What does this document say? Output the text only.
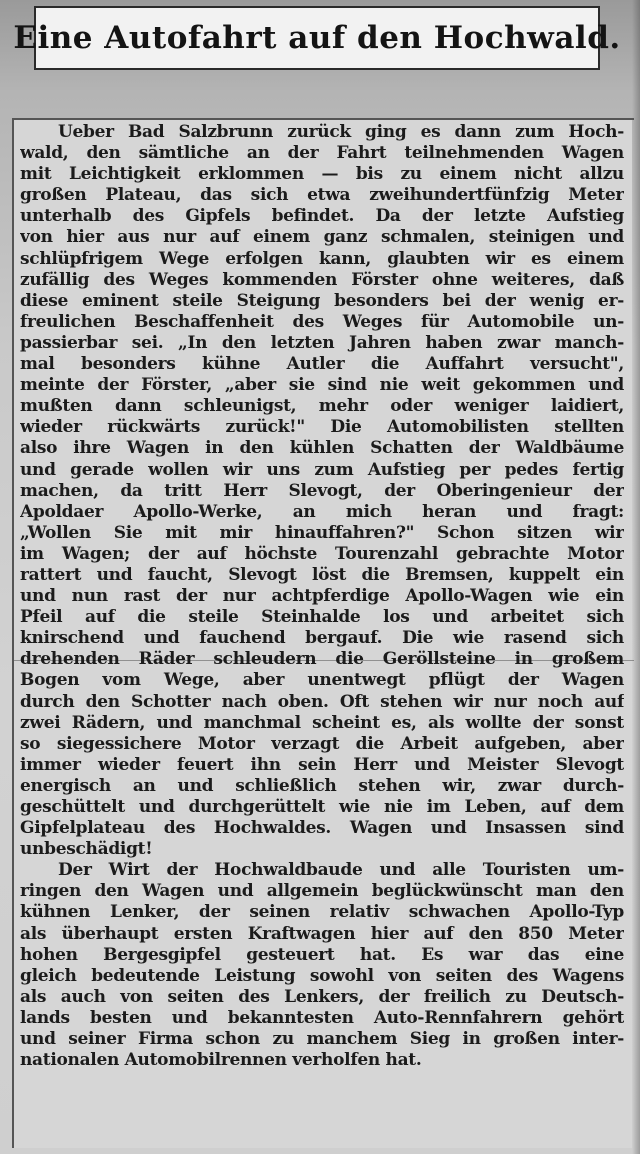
Eine Autofahrt auf den Hochwald.
Ueber Bad Salzbrunn zurück ging es dann zum Hoch-
wald, den sämtliche an der Fahrt teilnehmenden Wagen
mit Leichtigkeit erklommen — bis zu einem nicht allzu
großen Plateau, das sich etwa zweihundertfünfzig Meter
unterhalb des Gipfels befindet. Da der letzte Aufstieg
von hier aus nur auf einem ganz schmalen, steinigen und
schlüpfrigem Wege erfolgen kann, glaubten wir es einem
zufällig des Weges kommenden Förster ohne weiteres, daß
diese eminent steile Steigung besonders bei der wenig er-
freulichen Beschaffenheit des Weges für Automobile un-
passierbar sei. „In den letzten Jahren haben zwar manch-
mal besonders kühne Autler die Auffahrt versucht",
meinte der Förster, „aber sie sind nie weit gekommen und
mußten dann schleunigst, mehr oder weniger laidiert,
wieder rückwärts zurück!" Die Automobilisten stellten
also ihre Wagen in den kühlen Schatten der Waldbäume
und gerade wollen wir uns zum Aufstieg per pedes fertig
machen, da tritt Herr Slevogt, der Oberingenieur der
Apoldaer Apollo-Werke, an mich heran und fragt:
„Wollen Sie mit mir hinauffahren?" Schon sitzen wir
im Wagen; der auf höchste Tourenzahl gebrachte Motor
rattert und faucht, Slevogt löst die Bremsen, kuppelt ein
und nun rast der nur achtpferdige Apollo-Wagen wie ein
Pfeil auf die steile Steinhalde los und arbeitet sich
knirschend und fauchend bergauf. Die wie rasend sich
drehenden Räder schleudern die Geröllsteine in großem
Bogen vom Wege, aber unentwegt pflügt der Wagen
durch den Schotter nach oben. Oft stehen wir nur noch auf
zwei Rädern, und manchmal scheint es, als wollte der sonst
so siegessichere Motor verzagt die Arbeit aufgeben, aber
immer wieder feuert ihn sein Herr und Meister Slevogt
energisch an und schließlich stehen wir, zwar durch-
geschüttelt und durchgerüttelt wie nie im Leben, auf dem
Gipfelplateau des Hochwaldes. Wagen und Insassen sind
unbeschädigt!
Der Wirt der Hochwaldbaude und alle Touristen um-
ringen den Wagen und allgemein beglückwünscht man den
kühnen Lenker, der seinen relativ schwachen Apollo-Typ
als überhaupt ersten Kraftwagen hier auf den 850 Meter
hohen Bergesgipfel gesteuert hat. Es war das eine
gleich bedeutende Leistung sowohl von seiten des Wagens
als auch von seiten des Lenkers, der freilich zu Deutsch-
lands besten und bekanntesten Auto-Rennfahrern gehört
und seiner Firma schon zu manchem Sieg in großen inter-
nationalen Automobilrennen verholfen hat.
